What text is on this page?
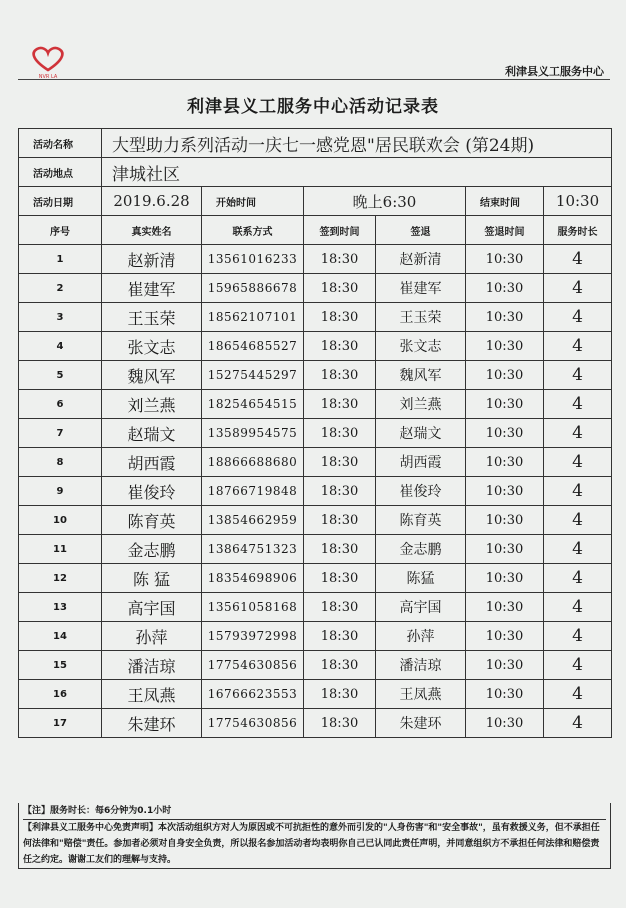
NVR LA	利津县义工服务中心
利津县义工服务中心活动记录表
活动名称	大型助力系列活动一庆七一感党恩"居民联欢会 (第24期)					
活动地点	津城社区					
活动日期	2019.6.28	开始时间	晚上6:30		结束时间	10:30
序号	真实姓名	联系方式	签到时间	签退	签退时间	服务时长
1	赵新清	13561016233	18:30	赵新清	10:30	4
2	崔建军	15965886678	18:30	崔建军	10:30	4
3	王玉荣	18562107101	18:30	王玉荣	10:30	4
4	张文志	18654685527	18:30	张文志	10:30	4
5	魏风军	15275445297	18:30	魏风军	10:30	4
6	刘兰燕	18254654515	18:30	刘兰燕	10:30	4
7	赵瑞文	13589954575	18:30	赵瑞文	10:30	4
8	胡西霞	18866688680	18:30	胡西霞	10:30	4
9	崔俊玲	18766719848	18:30	崔俊玲	10:30	4
10	陈育英	13854662959	18:30	陈育英	10:30	4
11	金志鹏	13864751323	18:30	金志鹏	10:30	4
12	陈 猛	18354698906	18:30	陈猛	10:30	4
13	高宇国	13561058168	18:30	高宇国	10:30	4
14	孙萍	15793972998	18:30	孙萍	10:30	4
15	潘洁琼	17754630856	18:30	潘洁琼	10:30	4
16	王凤燕	16766623553	18:30	王凤燕	10:30	4
17	朱建环	17754630856	18:30	朱建环	10:30	4
【注】服务时长：每6分钟为0.1小时
【利津县义工服务中心免责声明】本次活动组织方对人为原因或不可抗拒性的意外而引发的"人身伤害"和"安全事故"，虽有救援义务，但不承担任何法律和"赔偿"责任。参加者必须对自身安全负责，所以报名参加活动者均表明你自己已认同此责任声明，并同意组织方不承担任何法律和赔偿责任之约定。谢谢工友们的理解与支持。
